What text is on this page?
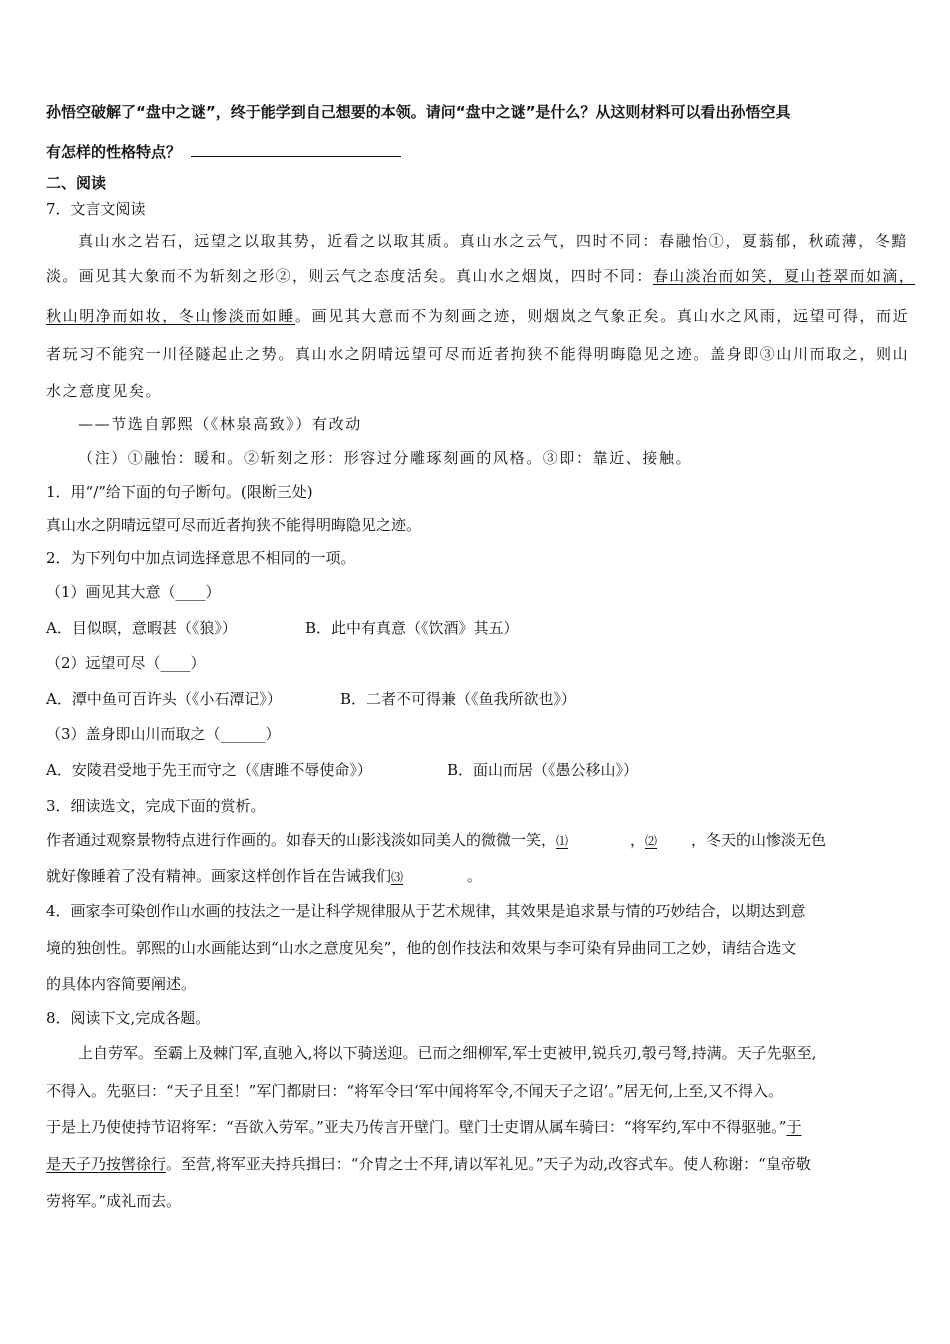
孙悟空破解了“盘中之谜”，终于能学到自己想要的本领。请问“盘中之谜”是什么？从这则材料可以看出孙悟空具
有怎样的性格特点？
二、阅读
7．文言文阅读
真山水之岩石，远望之以取其势，近看之以取其质。真山水之云气，四时不同：春融怡①，夏蓊郁，秋疏薄，冬黯
淡。画见其大象而不为斩刻之形②，则云气之态度活矣。真山水之烟岚，四时不同：春山淡冶而如笑，夏山苍翠而如滴，
秋山明净而如妆，冬山惨淡而如睡。画见其大意而不为刻画之迹，则烟岚之气象正矣。真山水之风雨，远望可得，而近
者玩习不能究一川径隧起止之势。真山水之阴晴远望可尽而近者拘狭不能得明晦隐见之迹。盖身即③山川而取之，则山
水之意度见矣。
——节选自郭熙（《林泉高致》）有改动
（注）①融怡：暖和。②斩刻之形：形容过分雕琢刻画的风格。③即：靠近、接触。
1．用“/”给下面的句子断句。(限断三处)
真山水之阴晴远望可尽而近者拘狭不能得明晦隐见之迹。
2．为下列句中加点词选择意思不相同的一项。
（1）画见其大意（____）
A．目似暝，意暇甚（《狼》）	B．此中有真意（《饮酒》其五）
（2）远望可尽（____）
A．潭中鱼可百许头（《小石潭记》）	B．二者不可得兼（《鱼我所欲也》）
（3）盖身即山川而取之（______）
A．安陵君受地于先王而守之（《唐雎不辱使命》）	B．面山而居（《愚公移山》）
3．细读选文，完成下面的赏析。
作者通过观察景物特点进行作画的。如春天的山影浅淡如同美人的微微一笑，⑴	，⑵ ，冬天的山惨淡无色
就好像睡着了没有精神。画家这样创作旨在告诫我们⑶	。
4．画家李可染创作山水画的技法之一是让科学规律服从于艺术规律，其效果是追求景与情的巧妙结合，以期达到意
境的独创性。郭熙的山水画能达到“山水之意度见矣”，他的创作技法和效果与李可染有异曲同工之妙，请结合选文
的具体内容简要阐述。
8．阅读下文,完成各题。
上自劳军。至霸上及棘门军,直驰入,将以下骑送迎。已而之细柳军,军士吏被甲,锐兵刃,彀弓弩,持满。天子先驱至,
不得入。先驱曰：“天子且至！”军门都尉曰：“将军令曰‘军中闻将军令,不闻天子之诏’。”居无何,上至,又不得入。
于是上乃使使持节诏将军：“吾欲入劳军。”亚夫乃传言开壁门。壁门士吏谓从属车骑曰：“将军约,军中不得驱驰。”于
是天子乃按辔徐行。至营,将军亚夫持兵揖曰：“介胄之士不拜,请以军礼见。”天子为动,改容式车。使人称谢：“皇帝敬
劳将军。”成礼而去。
